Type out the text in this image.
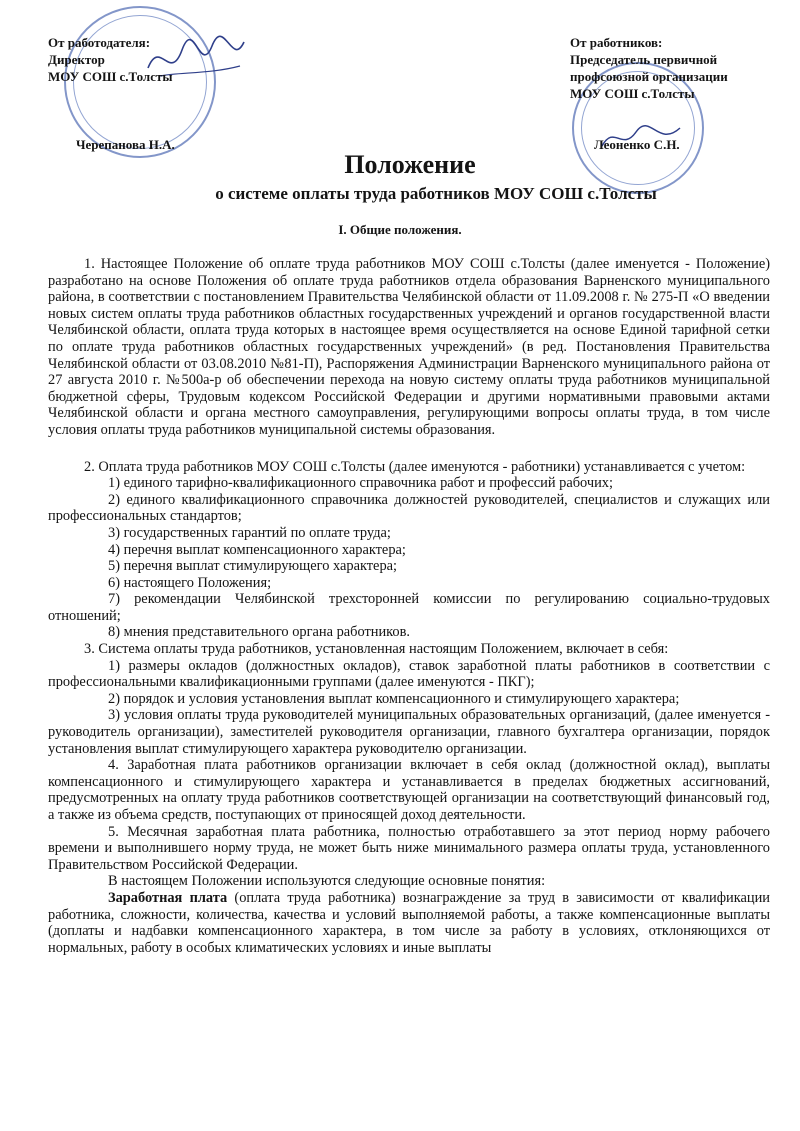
От работодателя:
Директор
МОУ СОШ с.Толсты
Черепанова Н.А.
От работников:
Председатель первичной
профсоюзной организации
МОУ СОШ с.Толсты
Леоненко С.Н.
Положение
о системе оплаты труда работников МОУ СОШ с.Толсты
I. Общие положения.

1. Настоящее Положение об оплате труда работников МОУ СОШ с.Толсты (далее именуется - Положение) разработано на основе Положения об оплате труда работников отдела образования Варненского муниципального района, в соответствии с постановлением Правительства Челябинской области от 11.09.2008 г. № 275-П «О введении новых систем оплаты труда работников областных государственных учреждений и органов государственной власти Челябинской области, оплата труда которых в настоящее время осуществляется на основе Единой тарифной сетки по оплате труда работников областных государственных учреждений» (в ред. Постановления Правительства Челябинской области от 03.08.2010 №81-П), Распоряжения Администрации Варненского муниципального района от 27 августа 2010 г. №500а-р об обеспечении перехода на новую систему оплаты труда работников муниципальной бюджетной сферы, Трудовым кодексом Российской Федерации и другими нормативными правовыми актами Челябинской области и органа местного самоуправления, регулирующими вопросы оплаты труда, в том числе условия оплаты труда работников муниципальной системы образования.

2. Оплата труда работников МОУ СОШ с.Толсты (далее именуются - работники) устанавливается с учетом:

1) единого тарифно-квалификационного справочника работ и профессий рабочих;

2) единого квалификационного справочника должностей руководителей, специалистов и служащих или профессиональных стандартов;

3) государственных гарантий по оплате труда;

4) перечня выплат компенсационного характера;

5) перечня выплат стимулирующего характера;

6) настоящего Положения;

7) рекомендации Челябинской трехсторонней комиссии по регулированию социально-трудовых отношений;

8) мнения представительного органа работников.

3. Система оплаты труда работников, установленная настоящим Положением, включает в себя:

1) размеры окладов (должностных окладов), ставок заработной платы работников в соответствии с профессиональными квалификационными группами (далее именуются - ПКГ);

2) порядок и условия установления выплат компенсационного и стимулирующего характера;

3) условия оплаты труда руководителей муниципальных образовательных организаций, (далее именуется - руководитель организации), заместителей руководителя организации, главного бухгалтера организации, порядок установления выплат стимулирующего характера руководителю организации.

4. Заработная плата работников организации включает в себя оклад (должностной оклад), выплаты компенсационного и стимулирующего характера и устанавливается в пределах бюджетных ассигнований, предусмотренных на оплату труда работников соответствующей организации на соответствующий финансовый год, а также из объема средств, поступающих от приносящей доход деятельности.

5. Месячная заработная плата работника, полностью отработавшего за этот период норму рабочего времени и выполнившего норму труда, не может быть ниже минимального размера оплаты труда, установленного Правительством Российской Федерации.

В настоящем Положении используются следующие основные понятия:

Заработная плата (оплата труда работника) вознаграждение за труд в зависимости от квалификации работника, сложности, количества, качества и условий выполняемой работы, а также компенсационные выплаты (доплаты и надбавки компенсационного характера, в том числе за работу в условиях, отклоняющихся от нормальных, работу в особых климатических условиях и иные выплаты
